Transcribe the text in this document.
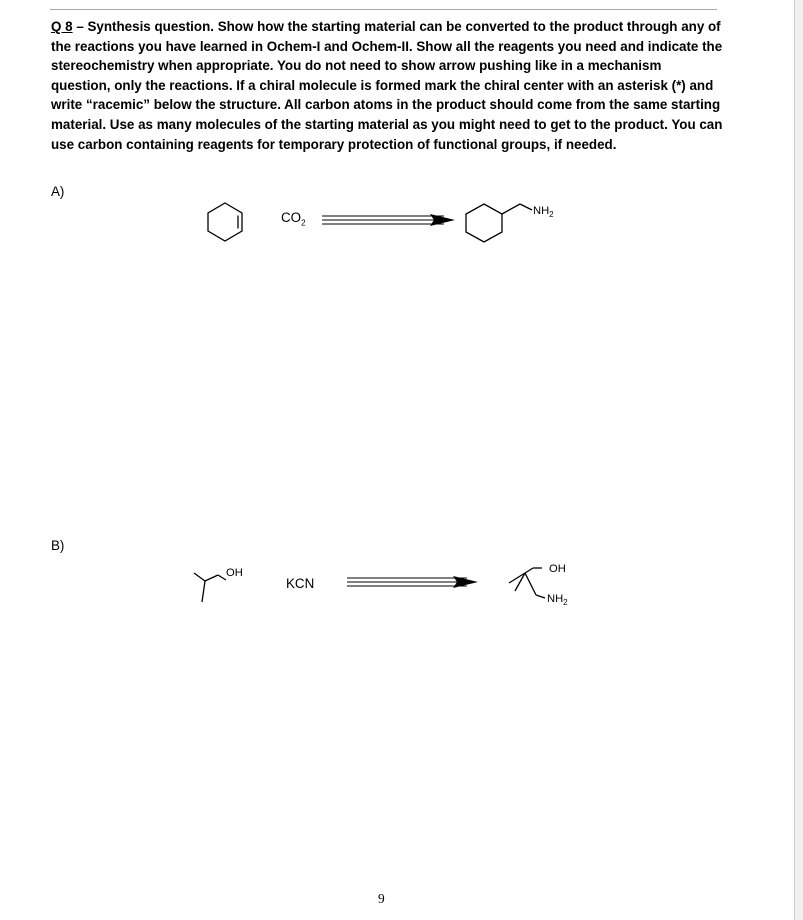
Q 8 – Synthesis question. Show how the starting material can be converted to the product through any of the reactions you have learned in Ochem-I and Ochem-II. Show all the reagents you need and indicate the stereochemistry when appropriate. You do not need to show arrow pushing like in a mechanism question, only the reactions. If a chiral molecule is formed mark the chiral center with an asterisk (*) and write “racemic” below the structure. All carbon atoms in the product should come from the same starting material. Use as many molecules of the starting material as you might need to get to the product. You can use carbon containing reagents for temporary protection of functional groups, if needed.
A)
$CO_2$
$NH_2$
B)
OH
KCN
OH
$NH_2$
9
